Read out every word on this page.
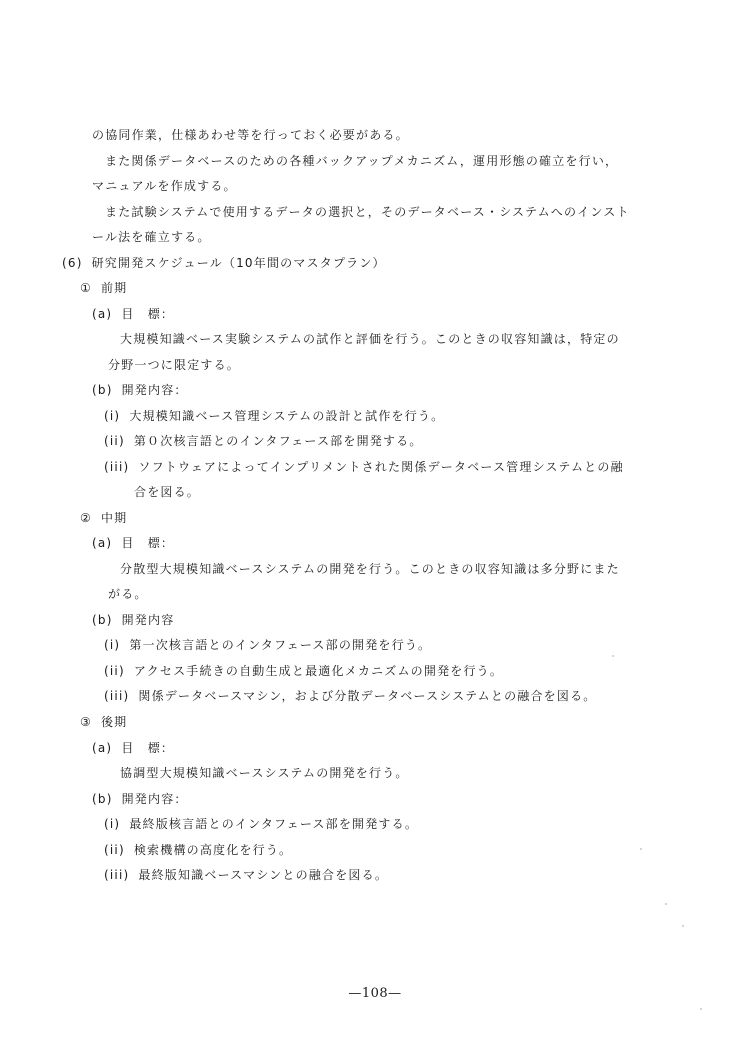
の協同作業，仕様あわせ等を行っておく必要がある。
また関係データベースのための各種バックアップメカニズム，運用形態の確立を行い，
マニュアルを作成する。
また試験システムで使用するデータの選択と，そのデータベース・システムへのインスト
ール法を確立する。
(6) 研究開発スケジュール（10年間のマスタプラン）
① 前期
(a) 目　標：
大規模知識ベース実験システムの試作と評価を行う。このときの収容知識は，特定の
分野一つに限定する。
(b) 開発内容：
(i) 大規模知識ベース管理システムの設計と試作を行う。
(ii) 第０次核言語とのインタフェース部を開発する。
(iii) ソフトウェアによってインプリメントされた関係データベース管理システムとの融
合を図る。
② 中期
(a) 目　標：
分散型大規模知識ベースシステムの開発を行う。このときの収容知識は多分野にまた
がる。
(b) 開発内容
(i) 第一次核言語とのインタフェース部の開発を行う。
(ii) アクセス手続きの自動生成と最適化メカニズムの開発を行う。
(iii) 関係データベースマシン，および分散データベースシステムとの融合を図る。
③ 後期
(a) 目　標：
協調型大規模知識ベースシステムの開発を行う。
(b) 開発内容：
(i) 最終版核言語とのインタフェース部を開発する。
(ii) 検索機構の高度化を行う。
(iii) 最終版知識ベースマシンとの融合を図る。
—108—
